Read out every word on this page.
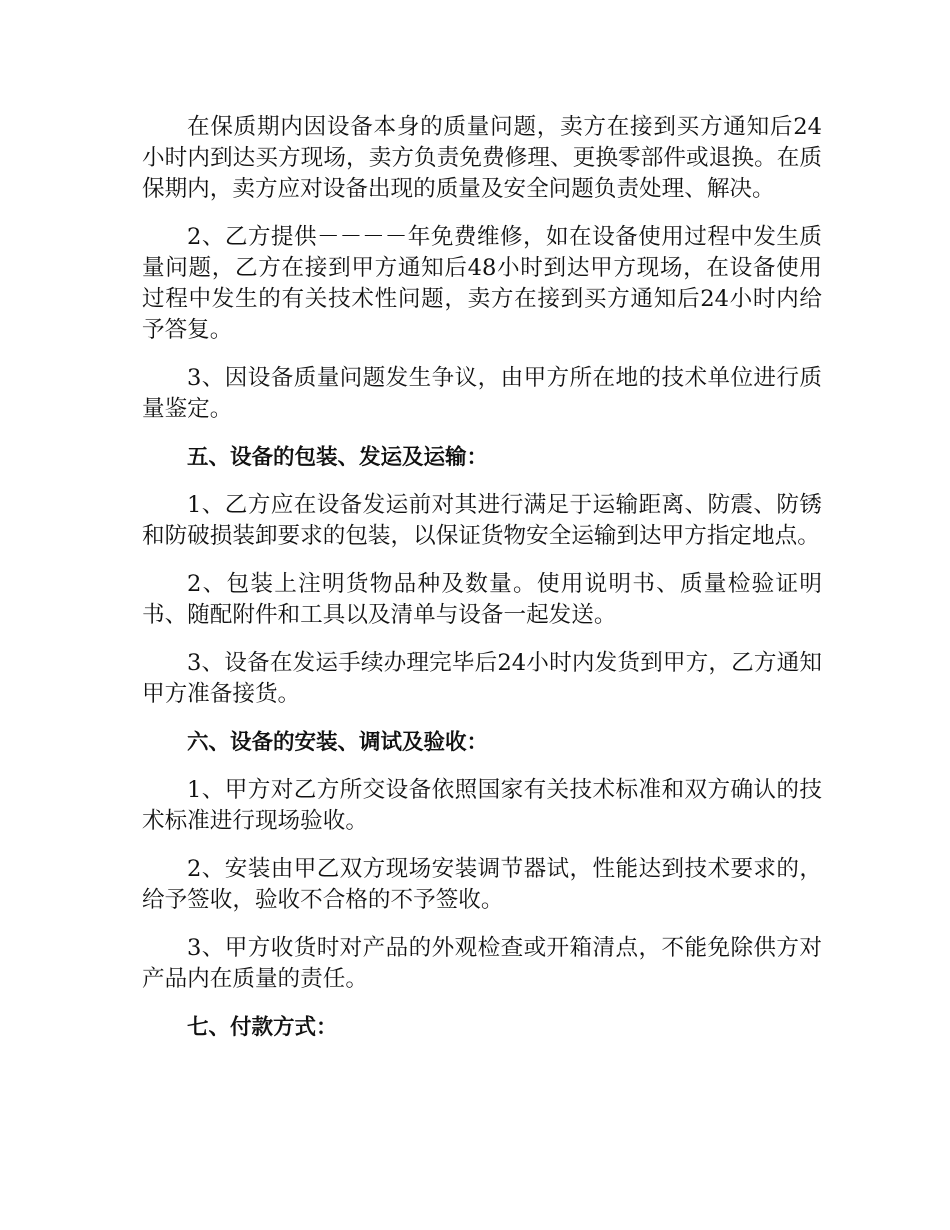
在保质期内因设备本身的质量问题，卖方在接到买方通知后24小时内到达买方现场，卖方负责免费修理、更换零部件或退换。在质保期内，卖方应对设备出现的质量及安全问题负责处理、解决。

2、乙方提供－－－－年免费维修，如在设备使用过程中发生质量问题，乙方在接到甲方通知后48小时到达甲方现场，在设备使用过程中发生的有关技术性问题，卖方在接到买方通知后24小时内给予答复。

3、因设备质量问题发生争议，由甲方所在地的技术单位进行质量鉴定。

五、设备的包装、发运及运输：

1、乙方应在设备发运前对其进行满足于运输距离、防震、防锈和防破损装卸要求的包装，以保证货物安全运输到达甲方指定地点。

2、包装上注明货物品种及数量。使用说明书、质量检验证明书、随配附件和工具以及清单与设备一起发送。

3、设备在发运手续办理完毕后24小时内发货到甲方，乙方通知甲方准备接货。

六、设备的安装、调试及验收：

1、甲方对乙方所交设备依照国家有关技术标准和双方确认的技术标准进行现场验收。

2、安装由甲乙双方现场安装调节器试，性能达到技术要求的，给予签收，验收不合格的不予签收。

3、甲方收货时对产品的外观检查或开箱清点，不能免除供方对产品内在质量的责任。

七、付款方式：
